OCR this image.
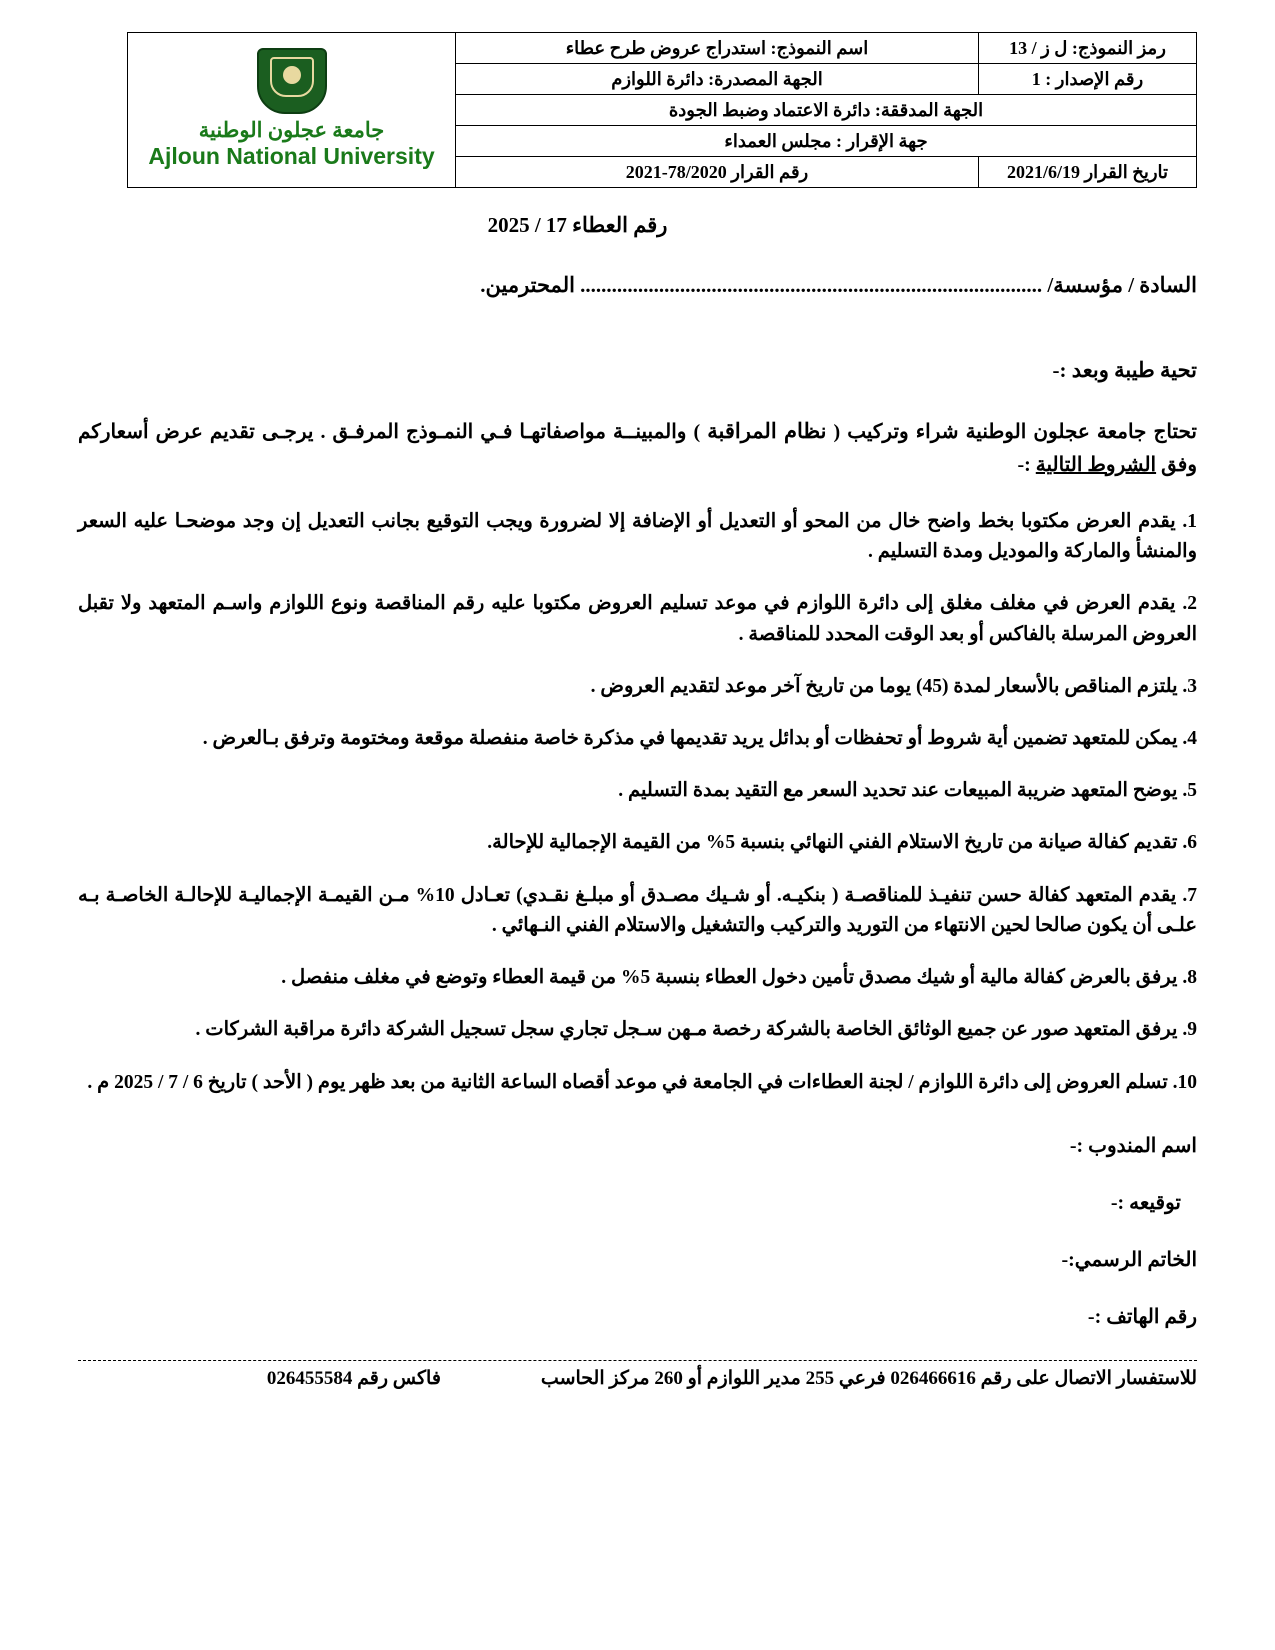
رمز النموذج: ل ز / 13	اسم النموذج: استدراج عروض طرح عطاء
رقم الإصدار : 1	الجهة المصدرة: دائرة اللوازم
الجهة المدققة: دائرة الاعتماد وضبط الجودة	
جهة الإقرار : مجلس العمداء	
تاريخ القرار 2021/6/19	رقم القرار 78/2020-2021
جامعة عجلون الوطنية
Ajloun National University
رقم العطاء 17 / 2025
السادة / مؤسسة/ ........................................................................................ المحترمين.
تحية طيبة وبعد :-
تحتاج جامعة عجلون الوطنية شراء وتركيب ( نظام المراقبة ) والمبينــة مواصفاتهـا فـي النمـوذج المرفـق . يرجـى تقديم عرض أسعاركم وفق الشروط التالية :-
1. يقدم العرض مكتوبا بخط واضح خال من المحو أو التعديل أو الإضافة إلا لضرورة ويجب التوقيع بجانب التعديل إن وجد موضحـا عليه السعر والمنشأ والماركة والموديل ومدة التسليم .
2. يقدم العرض في مغلف مغلق إلى دائرة اللوازم في موعد تسليم العروض مكتوبا عليه رقم المناقصة ونوع اللوازم واسـم المتعهد ولا تقبل العروض المرسلة بالفاكس أو بعد الوقت المحدد للمناقصة .
3. يلتزم المناقص بالأسعار لمدة (45) يوما من تاريخ آخر موعد لتقديم العروض .
4. يمكن للمتعهد تضمين أية شروط أو تحفظات أو بدائل يريد تقديمها في مذكرة خاصة منفصلة موقعة ومختومة وترفق بـالعرض .
5. يوضح المتعهد ضريبة المبيعات عند تحديد السعر مع التقيد بمدة التسليم .
6. تقديم كفالة صيانة من تاريخ الاستلام الفني النهائي بنسبة 5% من القيمة الإجمالية للإحالة.
7. يقدم المتعهد كفالة حسن تنفيـذ للمناقصـة ( بنكيـه. أو شـيك مصـدق أو مبلـغ نقـدي) تعـادل 10% مـن القيمـة الإجماليـة للإحالـة الخاصـة بـه علـى أن يكون صالحا لحين الانتهاء من التوريد والتركيب والتشغيل والاستلام الفني النـهائي .
8. يرفق بالعرض كفالة مالية أو شيك مصدق تأمين دخول العطاء بنسبة 5% من قيمة العطاء وتوضع في مغلف منفصل .
9. يرفق المتعهد صور عن جميع الوثائق الخاصة بالشركة رخصة مـهن سـجل تجاري سجل تسجيل الشركة دائرة مراقبة الشركات .
10. تسلم العروض إلى دائرة اللوازم / لجنة العطاءات في الجامعة في موعد أقصاه الساعة الثانية من بعد ظهر يوم ( الأحد ) تاريخ 6 / 7 / 2025 م .
اسم المندوب :-
توقيعه :-
الخاتم الرسمي:-
رقم الهاتف :-
للاستفسار الاتصال على رقم 026466616 فرعي 255 مدير اللوازم أو 260 مركز الحاسب
فاكس رقم 026455584
